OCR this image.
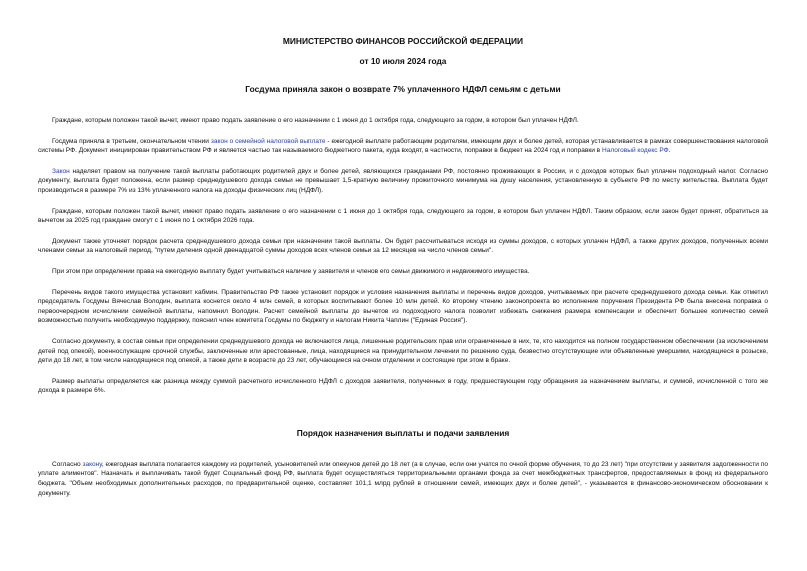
МИНИСТЕРСТВО ФИНАНСОВ РОССИЙСКОЙ ФЕДЕРАЦИИ

от 10 июля 2024 года

Госдума приняла закон о возврате 7% уплаченного НДФЛ семьям с детьми

Граждане, которым положен такой вычет, имеют право подать заявление о его назначении с 1 июня до 1 октября года, следующего за годом, в котором был уплачен НДФЛ.

Госдума приняла в третьем, окончательном чтении закон о семейной налоговой выплате - ежегодной выплате работающим родителям, имеющим двух и более детей, которая устанавливается в рамках совершенствования налоговой системы РФ. Документ инициирован правительством РФ и является частью так называемого бюджетного пакета, куда входят, в частности, поправки в бюджет на 2024 год и поправки в Налоговый кодекс РФ.

Закон наделяет правом на получение такой выплаты работающих родителей двух и более детей, являющихся гражданами РФ, постоянно проживающих в России, и с доходов которых был уплачен подоходный налог. Согласно документу, выплата будет положена, если размер среднедушевого дохода семьи не превышает 1,5-кратную величину прожиточного минимума на душу населения, установленную в субъекте РФ по месту жительства. Выплата будет производиться в размере 7% из 13% уплаченного налога на доходы физических лиц (НДФЛ).

Граждане, которым положен такой вычет, имеют право подать заявление о его назначении с 1 июня до 1 октября года, следующего за годом, в котором был уплачен НДФЛ. Таким образом, если закон будет принят, обратиться за вычетом за 2025 год граждане смогут с 1 июня по 1 октября 2026 года.

Документ также уточняет порядок расчета среднедушевого дохода семьи при назначении такой выплаты. Он будет рассчитываться исходя из суммы доходов, с которых уплачен НДФЛ, а также других доходов, полученных всеми членами семьи за налоговый период, "путем деления одной двенадцатой суммы доходов всех членов семьи за 12 месяцев на число членов семьи".

При этом при определении права на ежегодную выплату будет учитываться наличие у заявителя и членов его семьи движимого и недвижимого имущества.

Перечень видов такого имущества установит кабмин. Правительство РФ также установит порядок и условия назначения выплаты и перечень видов доходов, учитываемых при расчете среднедушевого дохода семьи. Как отметил председатель Госдумы Вячеслав Володин, выплата коснется около 4 млн семей, в которых воспитывают более 10 млн детей. Ко второму чтению законопроекта во исполнение поручения Президента РФ была внесена поправка о первоочередном исчислении семейной выплаты, напомнил Володин. Расчет семейной выплаты до вычетов из подоходного налога позволит избежать снижения размера компенсации и обеспечит большее количество семей возможностью получить необходимую поддержку, пояснил член комитета Госдумы по бюджету и налогам Никита Чаплин ("Единая Россия").

Согласно документу, в состав семьи при определении среднедушевого дохода не включаются лица, лишенные родительских прав или ограниченные в них, те, кто находится на полном государственном обеспечении (за исключением детей под опекой), военнослужащие срочной службы, заключенные или арестованные, лица, находящиеся на принудительном лечении по решению суда, безвестно отсутствующие или объявленные умершими, находящиеся в розыске, дети до 18 лет, в том числе находящиеся под опекой, а также дети в возрасте до 23 лет, обучающиеся на очном отделении и состоящие при этом в браке.

Размер выплаты определяется как разница между суммой расчетного исчисленного НДФЛ с доходов заявителя, полученных в году, предшествующем году обращения за назначением выплаты, и суммой, исчисленной с того же дохода в размере 6%.

Порядок назначения выплаты и подачи заявления

Согласно закону, ежегодная выплата полагается каждому из родителей, усыновителей или опекунов детей до 18 лет (а в случае, если они учатся по очной форме обучения, то до 23 лет) "при отсутствии у заявителя задолженности по уплате алиментов". Назначать и выплачивать такой будет Социальный фонд РФ, выплата будет осуществляться территориальными органами фонда за счет межбюджетных трансфертов, предоставляемых в фонд из федерального бюджета. "Объем необходимых дополнительных расходов, по предварительной оценке, составляет 101,1 млрд рублей в отношении семей, имеющих двух и более детей", - указывается в финансово-экономическом обосновании к документу.
